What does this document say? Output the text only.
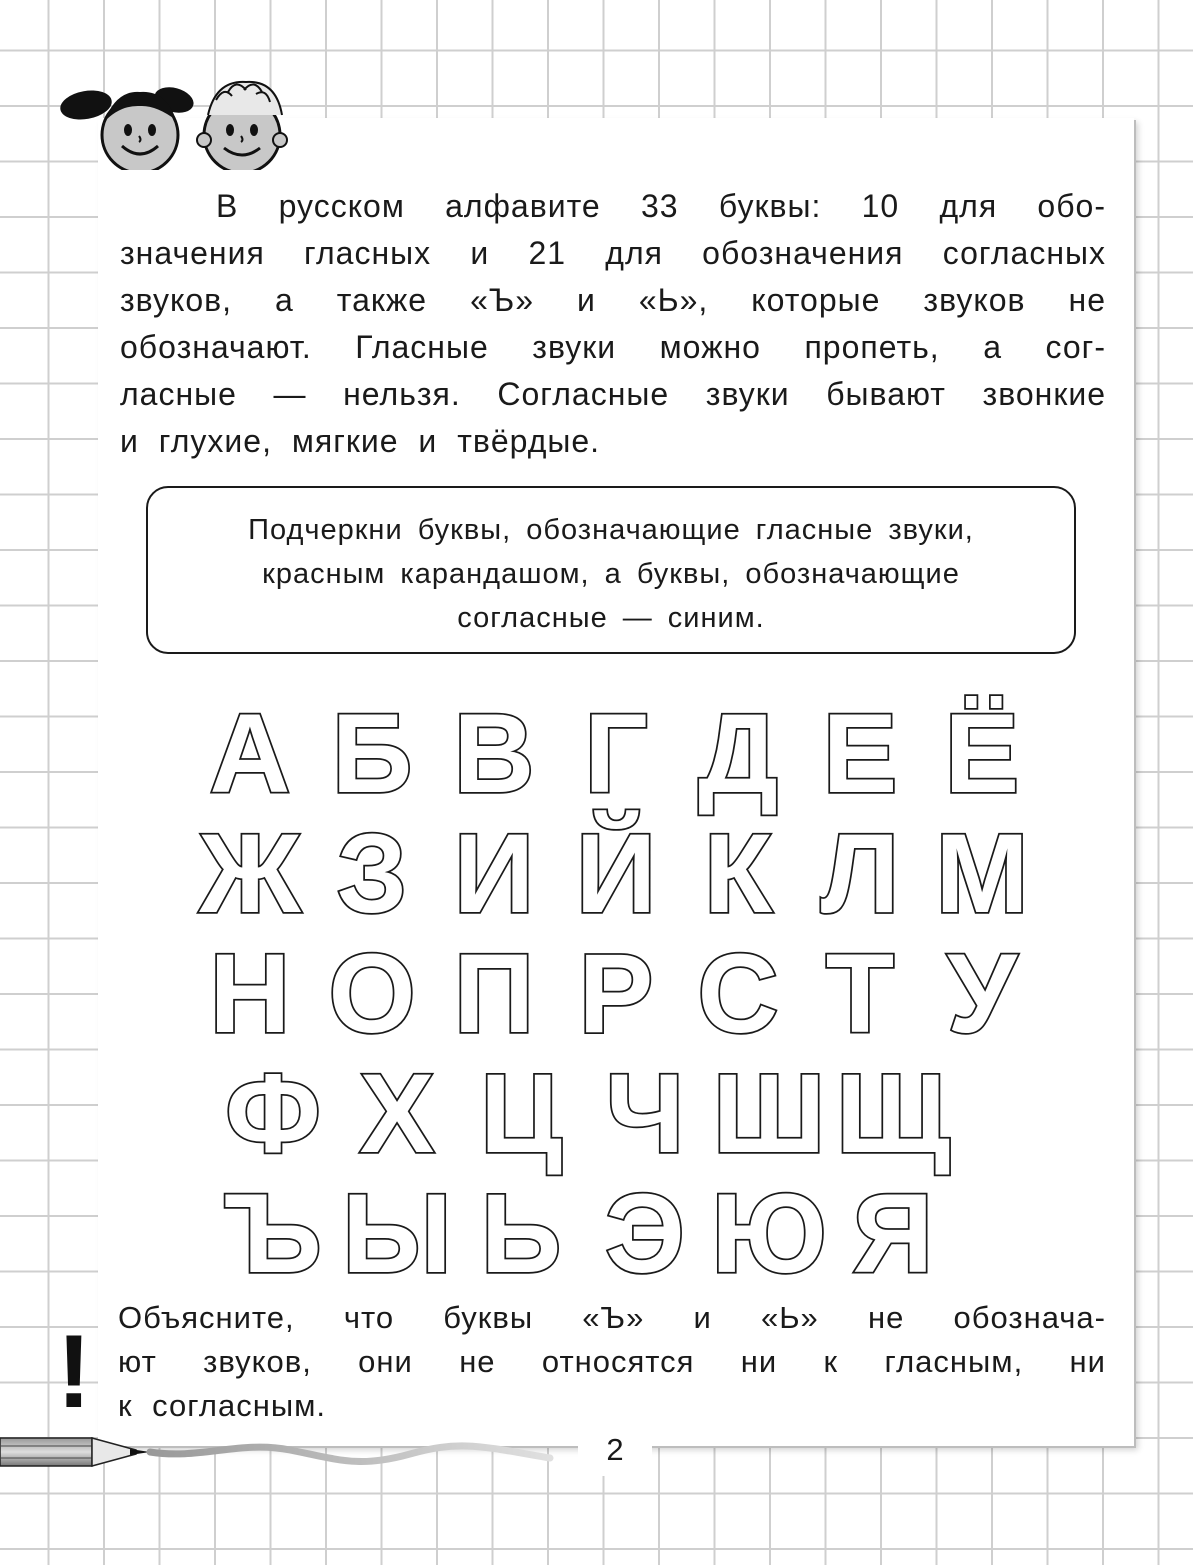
В русском алфавите 33 буквы: 10 для обо-
значения гласных и 21 для обозначения согласных
звуков, а также «Ъ» и «Ь», которые звуков не
обозначают. Гласные звуки можно пропеть, а сог-
ласные — нельзя. Согласные звуки бывают звонкие
и глухие, мягкие и твёрдые.
Подчеркни буквы, обозначающие гласные звуки,
красным карандашом, а буквы, обозначающие
согласные — синим.
А Б В Г Д Е Ё
Ж З И Й К Л М
Н О П Р С Т У
Ф Х Ц Ч Ш Щ
Ъ Ы Ь Э Ю Я
Объясните, что буквы «Ъ» и «Ь» не обознача-
ют звуков, они не относятся ни к гласным, ни
к согласным.
!
2
